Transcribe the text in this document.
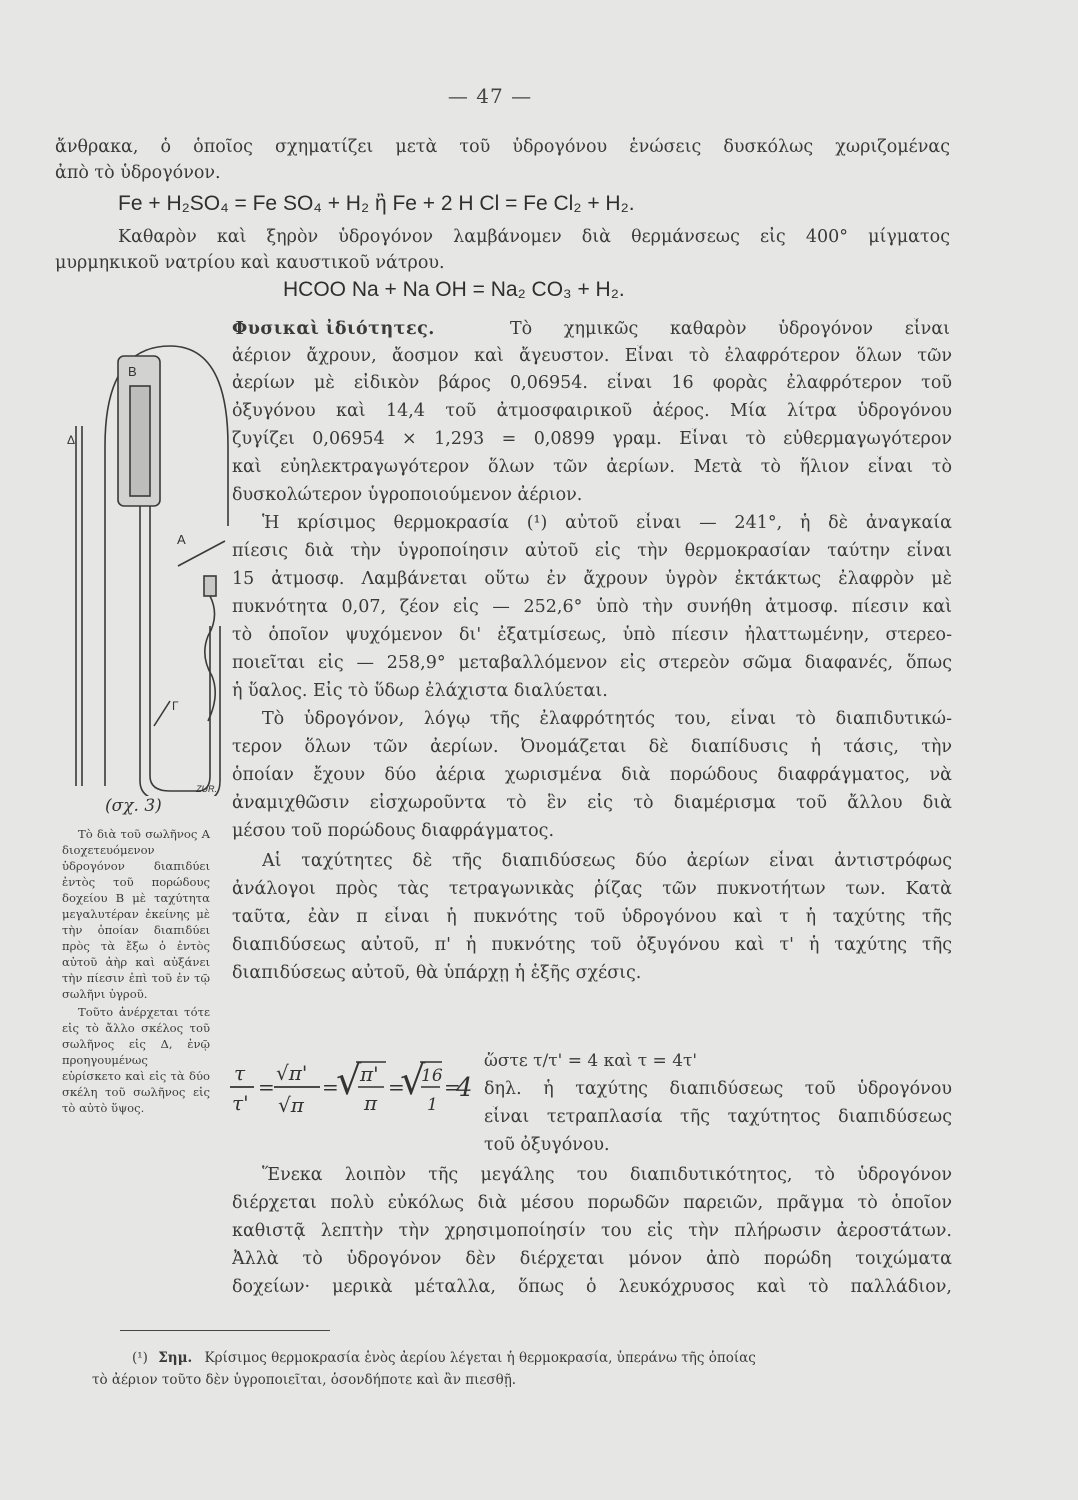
— 47 —
ἄνθρακα, ὁ ὁποῖος σχηματίζει μετὰ τοῦ ὑδρογόνου ἑνώσεις δυσκόλως χωριζομένας
ἀπὸ τὸ ὑδρογόνον.
Fe + H₂SO₄ = Fe SO₄ + H₂ ἢ Fe + 2 H Cl = Fe Cl₂ + H₂.
Καθαρὸν καὶ ξηρὸν ὑδρογόνον λαμβάνομεν διὰ θερμάνσεως εἰς 400° μίγματος
μυρμηκικοῦ νατρίου καὶ καυστικοῦ νάτρου.
HCOO Na + Na OH = Na₂ CO₃ + H₂.
Φυσικαὶ ἰδιότητες.	Τὸ χημικῶς καθαρὸν ὑδρογόνον εἶναι
ἀέριον ἄχρουν, ἄοσμον καὶ ἄγευστον. Εἶναι τὸ ἐλαφρότερον ὅλων τῶν
ἀερίων μὲ εἰδικὸν βάρος 0,06954. εἶναι 16 φορὰς ἐλαφρότερον τοῦ
ὀξυγόνου καὶ 14,4 τοῦ ἀτμοσφαιρικοῦ ἀέρος. Μία λίτρα ὑδρογόνου
ζυγίζει 0,06954 × 1,293 = 0,0899 γραμ. Εἶναι τὸ εὐθερμαγωγότερον
καὶ εὐηλεκτραγωγότερον ὅλων τῶν ἀερίων. Μετὰ τὸ ἥλιον εἶναι τὸ
δυσκολώτερον ὑγροποιούμενον ἀέριον.
Ἡ κρίσιμος θερμοκρασία (¹) αὐτοῦ εἶναι — 241°, ἡ δὲ ἀναγκαία
πίεσις διὰ τὴν ὑγροποίησιν αὐτοῦ εἰς τὴν θερμοκρασίαν ταύτην εἶναι
15 ἀτμοσφ. Λαμβάνεται οὕτω ἐν ἄχρουν ὑγρὸν ἐκτάκτως ἐλαφρὸν μὲ
πυκνότητα 0,07, ζέον εἰς — 252,6° ὑπὸ τὴν συνήθη ἀτμοσφ. πίεσιν καὶ
τὸ ὁποῖον ψυχόμενον δι' ἐξατμίσεως, ὑπὸ πίεσιν ἠλαττωμένην, στερεο-
ποιεῖται εἰς — 258,9° μεταβαλλόμενον εἰς στερεὸν σῶμα διαφανές, ὅπως
ἡ ὕαλος. Εἰς τὸ ὕδωρ ἐλάχιστα διαλύεται.
Τὸ ὑδρογόνον, λόγῳ τῆς ἐλαφρότητός του, εἶναι τὸ διαπιδυτικώ-
τερον ὅλων τῶν ἀερίων. Ὀνομάζεται δὲ διαπίδυσις ἡ τάσις, τὴν
ὁποίαν ἔχουν δύο ἀέρια χωρισμένα διὰ πορώδους διαφράγματος, νὰ
ἀναμιχθῶσιν εἰσχωροῦντα τὸ ἓν εἰς τὸ διαμέρισμα τοῦ ἄλλου διὰ
μέσου τοῦ πορώδους διαφράγματος.
Αἱ ταχύτητες δὲ τῆς διαπιδύσεως δύο ἀερίων εἶναι ἀντιστρόφως
ἀνάλογοι πρὸς τὰς τετραγωνικὰς ῥίζας τῶν πυκνοτήτων των. Κατὰ
ταῦτα, ἐὰν π εἶναι ἡ πυκνότης τοῦ ὑδρογόνου καὶ τ ἡ ταχύτης τῆς
διαπιδύσεως αὐτοῦ, π' ἡ πυκνότης τοῦ ὀξυγόνου καὶ τ' ἡ ταχύτης τῆς
διαπιδύσεως αὐτοῦ, θὰ ὑπάρχῃ ἡ ἑξῆς σχέσις.
τ
τ'
=
√π'
√π
=
√
π'
π
=
√
16
1
=
4
ὥστε τ/τ' = 4 καὶ τ = 4τ'
δηλ. ἡ ταχύτης διαπιδύσεως τοῦ ὑδρογόνου
εἶναι τετραπλασία τῆς ταχύτητος διαπιδύσεως
τοῦ ὀξυγόνου.
Ἕνεκα λοιπὸν τῆς μεγάλης του διαπιδυτικότητος, τὸ ὑδρογόνον
διέρχεται πολὺ εὐκόλως διὰ μέσου πορωδῶν παρειῶν, πρᾶγμα τὸ ὁποῖον
καθιστᾷ λεπτὴν τὴν χρησιμοποίησίν του εἰς τὴν πλήρωσιν ἀεροστάτων.
Ἀλλὰ τὸ ὑδρογόνον δὲν διέρχεται μόνον ἀπὸ πορώδη τοιχώματα
δοχείων· μερικὰ μέταλλα, ὅπως ὁ λευκόχρυσος καὶ τὸ παλλάδιον,
B
Δ
A
Γ
ZUR..
(σχ. 3)

Τὸ διὰ τοῦ σωλῆνος Α διοχετευόμενον ὑδρογόνον διαπιδύει ἐντὸς τοῦ πορώδους δοχείου Β μὲ ταχύτητα μεγαλυτέραν ἐκείνης μὲ τὴν ὁποίαν διαπιδύει πρὸς τὰ ἔξω ὁ ἐντὸς αὐτοῦ ἀὴρ καὶ αὐξάνει τὴν πίεσιν ἐπὶ τοῦ ἐν τῷ σωλῆνι ὑγροῦ.

Τοῦτο ἀνέρχεται τότε εἰς τὸ ἄλλο σκέλος τοῦ σωλῆνος εἰς Δ, ἐνῷ προηγουμένως εὑρίσκετο καὶ εἰς τὰ δύο σκέλη τοῦ σωλῆνος εἰς τὸ αὐτὸ ὕψος.

(¹) Σημ. Κρίσιμος θερμοκρασία ἑνὸς ἀερίου λέγεται ἡ θερμοκρασία, ὑπεράνω τῆς ὁποίας
τὸ ἀέριον τοῦτο δὲν ὑγροποιεῖται, ὁσονδήποτε καὶ ἂν πιεσθῇ.
